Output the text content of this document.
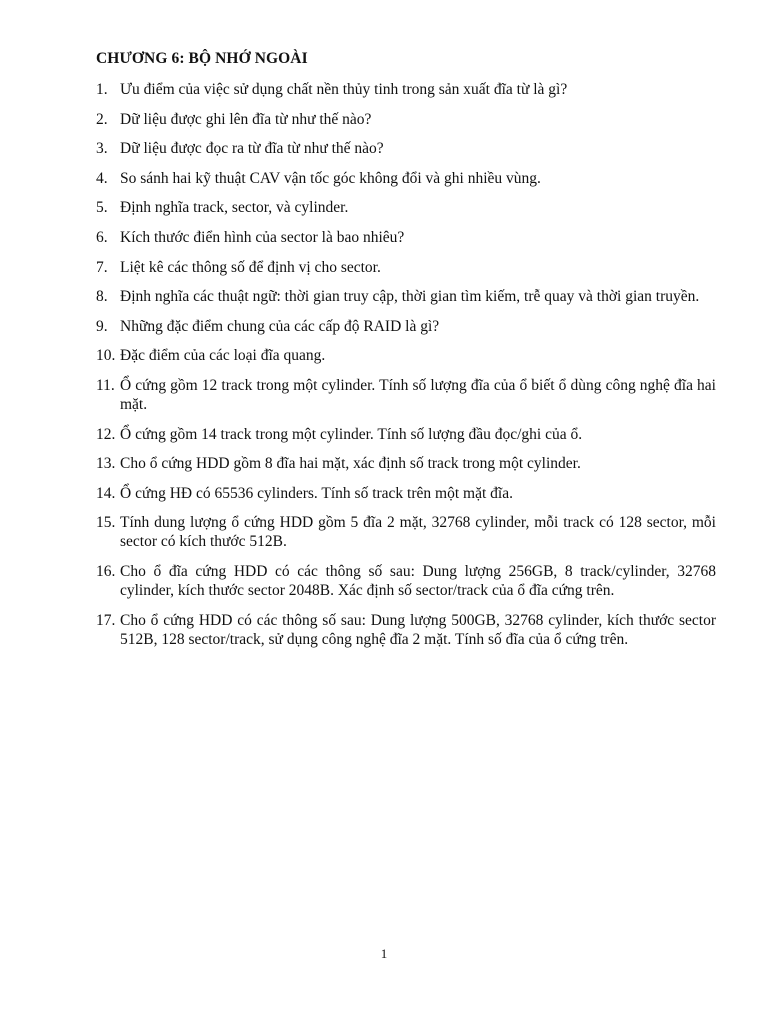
CHƯƠNG 6: BỘ NHỚ NGOÀI
1. Ưu điểm của việc sử dụng chất nền thủy tinh trong sản xuất đĩa từ là gì?
2. Dữ liệu được ghi lên đĩa từ như thế nào?
3. Dữ liệu được đọc ra từ đĩa từ như thế nào?
4. So sánh hai kỹ thuật CAV vận tốc góc không đổi và ghi nhiều vùng.
5. Định nghĩa track, sector, và cylinder.
6. Kích thước điển hình của sector là bao nhiêu?
7. Liệt kê các thông số để định vị cho sector.
8. Định nghĩa các thuật ngữ: thời gian truy cập, thời gian tìm kiếm, trễ quay và thời gian truyền.
9. Những đặc điểm chung của các cấp độ RAID là gì?
10. Đặc điểm của các loại đĩa quang.
11. Ổ cứng gồm 12 track trong một cylinder. Tính số lượng đĩa của ổ biết ổ dùng công nghệ đĩa hai mặt.
12. Ổ cứng gồm 14 track trong một cylinder. Tính số lượng đầu đọc/ghi của ổ.
13. Cho ổ cứng HDD gồm 8 đĩa hai mặt, xác định số track trong một cylinder.
14. Ổ cứng HĐ có 65536 cylinders. Tính số track trên một mặt đĩa.
15. Tính dung lượng ổ cứng HDD gồm 5 đĩa 2 mặt, 32768 cylinder, mỗi track có 128 sector, mỗi sector có kích thước 512B.
16. Cho ổ đĩa cứng HDD có các thông số sau: Dung lượng 256GB, 8 track/cylinder, 32768 cylinder, kích thước sector 2048B. Xác định số sector/track của ổ đĩa cứng trên.
17. Cho ổ cứng HDD có các thông số sau: Dung lượng 500GB, 32768 cylinder, kích thước sector 512B, 128 sector/track, sử dụng công nghệ đĩa 2 mặt. Tính số đĩa của ổ cứng trên.
1
